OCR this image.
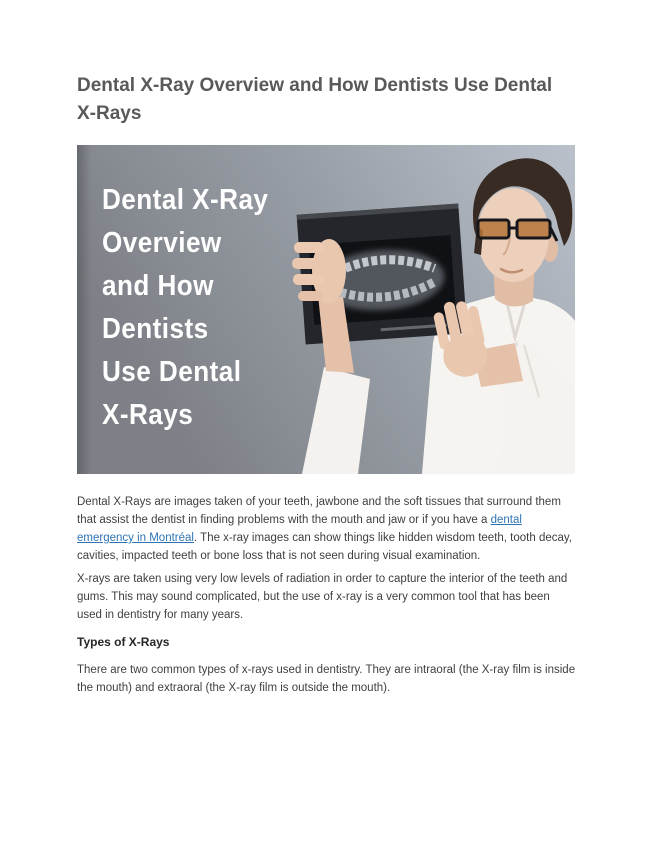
Dental X-Ray Overview and How Dentists Use Dental
X-Rays
Dental X-Ray
Overview
and How
Dentists
Use Dental
X-Rays

Dental X-Rays are images taken of your teeth, jawbone and the soft tissues that surround them that assist the dentist in finding problems with the mouth and jaw or if you have a dental emergency in Montréal. The x-ray images can show things like hidden wisdom teeth, tooth decay, cavities, impacted teeth or bone loss that is not seen during visual examination.

X-rays are taken using very low levels of radiation in order to capture the interior of the teeth and gums. This may sound complicated, but the use of x-ray is a very common tool that has been used in dentistry for many years.

Types of X-Rays

There are two common types of x-rays used in dentistry. They are intraoral (the X-ray film is inside the mouth) and extraoral (the X-ray film is outside the mouth).
